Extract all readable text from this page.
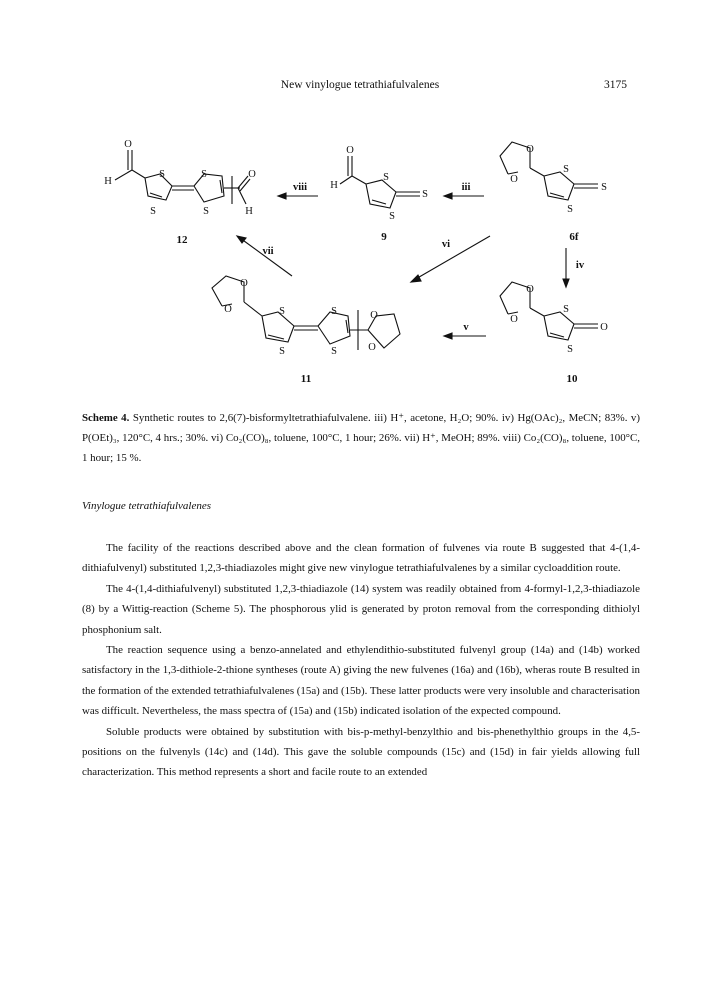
New vinylogue tetrathiafulvalenes	3175
O
H
S
S
S
S
O
H
12
viii
O
H
S
S
S
9
iii
O
O
S
S
S
6f
vii
vi
iv
O
O	S
S
S
S
O
O
11
v
O
O
S
S
O
10
Scheme 4. Synthetic routes to 2,6(7)-bisformyltetrathiafulvalene. iii) H⁺, acetone, H₂O; 90%. iv) Hg(OAc)₂, MeCN; 83%. v) P(OEt)₃, 120°C, 4 hrs.; 30%. vi) Co₂(CO)₈, toluene, 100°C, 1 hour; 26%. vii) H⁺, MeOH; 89%. viii) Co₂(CO)₈, toluene, 100°C, 1 hour; 15 %.
Vinylogue tetrathiafulvalenes

The facility of the reactions described above and the clean formation of fulvenes via route B suggested that 4-(1,4-dithiafulvenyl) substituted 1,2,3-thiadiazoles might give new vinylogue tetrathiafulvalenes by a similar cycloaddition route.

The 4-(1,4-dithiafulvenyl) substituted 1,2,3-thiadiazole (14) system was readily obtained from 4-formyl-1,2,3-thiadiazole (8) by a Wittig-reaction (Scheme 5). The phosphorous ylid is generated by proton removal from the corresponding dithiolyl phosphonium salt.

The reaction sequence using a benzo-annelated and ethylendithio-substituted fulvenyl group (14a) and (14b) worked satisfactory in the 1,3-dithiole-2-thione syntheses (route A) giving the new fulvenes (16a) and (16b), wheras route B resulted in the formation of the extended tetrathiafulvalenes (15a) and (15b). These latter products were very insoluble and characterisation was difficult. Nevertheless, the mass spectra of (15a) and (15b) indicated isolation of the expected compound.

Soluble products were obtained by substitution with bis-p-methyl-benzylthio and bis-phenethylthio groups in the 4,5-positions on the fulvenyls (14c) and (14d). This gave the soluble compounds (15c) and (15d) in fair yields allowing full characterization. This method represents a short and facile route to an extended
